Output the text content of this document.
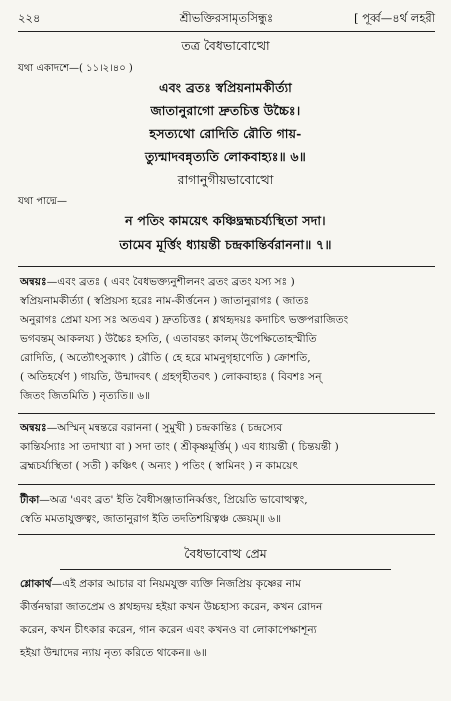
২২৪	শ্রীভক্তিরসামৃতসিন্ধুঃ	[ পূর্ব্ব—৪র্থ লহরী
তত্র বৈধভাবোত্থো
যথা একাদশে—( ১১।২।৪০ )
এবং ব্রতঃ স্বপ্রিয়নামকীর্ত্যা
জাতানুরাগো দ্রুতচিত্ত উচ্চৈঃ।
হসত্যথো রোদিতি রৌতি গায়-
ত্যুন্মাদবন্নৃত্যতি লোকবাহ্যঃ॥ ৬॥
রাগানুগীয়ভাবোত্থো
যথা পাদ্মে—
ন পতিং কাময়েৎ কঞ্চিদ্ব্রহ্মচর্য্যস্থিতা সদা।
তামেব মূর্ত্তিং ধ্যায়ন্তী চন্দ্রকান্তির্বরাননা॥ ৭॥
অন্বয়ঃ—এবং ব্রতঃ ( এবং বৈধভক্ত্যনুশীলনং ব্রতং ব্রতং যস্য সঃ )
স্বপ্রিয়নামকীর্ত্যা ( স্বপ্রিয়স্য হরেঃ নাম-কীর্ত্তনেন ) জাতানুরাগঃ ( জাতঃ
অনুরাগঃ প্রেমা যস্য সঃ অতএব ) দ্রুতচিত্তঃ ( শ্লথহৃদয়ঃ কদাচিৎ ভক্তপরাজিতং
ভগবন্তম্ আকলয্য ) উচ্চৈঃ হসতি, ( এতাবন্তং কালম্ উপেক্ষিতোহস্মীতি
রোদিতি, ( অত্যৌৎসুক্যাৎ ) রৌতি ( হে হরে মামনুগৃহাণেতি ) ক্রোশতি,
( অতিহর্ষেণ ) গায়তি, উন্মাদবৎ ( গ্রহগৃহীতবৎ ) লোকবাহ্যঃ ( বিবশঃ সন্
জিতং জিতমিতি ) নৃত্যতি॥ ৬॥
অন্বয়ঃ—অস্মিন্ মন্বন্তরে বরাননা ( সুমুখী ) চন্দ্রকান্তিঃ ( চন্দ্রস্যেব
কান্তির্যস্যাঃ সা তদাখ্যা বা ) সদা তাং ( শ্রীকৃষ্ণমূর্ত্তিম্ ) এব ধ্যায়ন্তী ( চিন্তয়ন্তী )
ব্রহ্মচর্য্যস্থিতা ( সতী ) কঞ্চিৎ ( অন্যং ) পতিং ( স্বামিনং ) ন কাময়েৎ
টীকা—অত্র 'এবং ব্রত' ইতি বৈধীসঞ্জাতানির্ব্বত্তং, প্রিয়েতি ভাবোত্থত্বং,
স্বেতি মমতাযুক্তত্বং, জাতানুরাগ ইতি তদতিশয়িত্বঞ্চ জ্ঞেয়ম্॥ ৬॥
বৈধভাবোত্থ প্রেম
শ্লোকার্থ—এই প্রকার আচার বা নিয়মযুক্ত ব্যক্তি নিজপ্রিয় কৃষ্ণের নাম
কীর্ত্তনদ্বারা জাতপ্রেম ও শ্লথহৃদয় হইয়া কখন উচ্চহাস্য করেন, কখন রোদন
করেন, কখন চীৎকার করেন, গান করেন এবং কখনও বা লোকাপেক্ষাশূন্য
হইয়া উন্মাদের ন্যায় নৃত্য করিতে থাকেন॥ ৬॥
